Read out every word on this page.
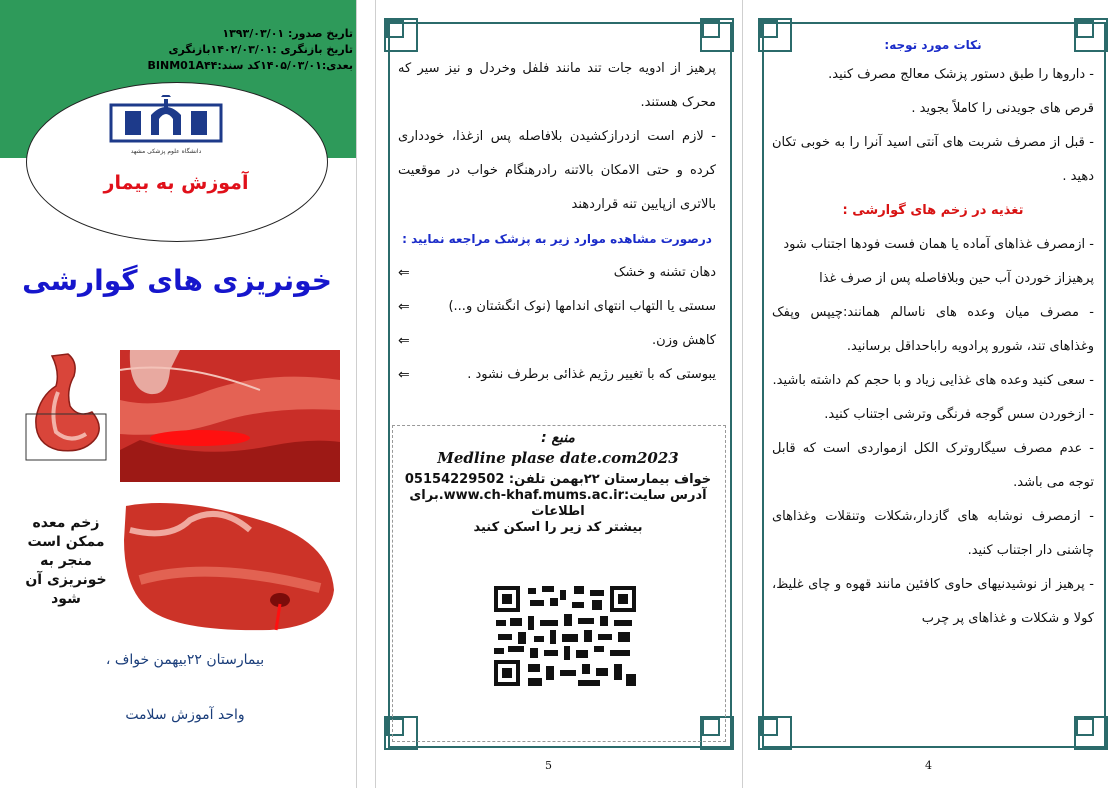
تاریخ صدور: ۱۳۹۳/۰۳/۰۱
تاریخ بازنگری :۱۴۰۲/۰۳/۰۱بازنگری
بعدی:۱۴۰۵/۰۳/۰۱کد سند:BINM01A۴۴
دانشگاه علوم پزشکی مشهد
آموزش به بیمار
خونریزی های گوارشی
زخم معده ممکن است منجر به خونریزی آن شود
بیمارستان ۲۲بیهمن خواف ،
واحد آموزش سلامت
پرهیز از ادویه جات تند مانند فلفل وخردل و نیز سیر که محرک هستند.
- لازم است ازدرازکشیدن بلافاصله پس ازغذا، خودداری کرده و حتی الامکان بالاتنه رادرهنگام خواب در موقعیت بالاتری ازپایین تنه قراردهند
درصورت مشاهده موارد زیر به پزشک مراجعه نمایید :
دهان تشنه و خشک
⇐
سستی یا التهاب انتهای اندامها (نوک انگشتان و...)
⇐
کاهش وزن.
⇐
یبوستی که با تغییر رژیم غذائی برطرف نشود .
⇐
منبع :
Medline plase date.com2023
خواف بیمارستان ۲۲بهمن تلفن: 05154229502
آدرس سایت:www.ch-khaf.mums.ac.ir.برای اطلاعات
بیشتر کد زیر را اسکن کنید
5
نکات مورد توجه:
- داروها را طبق دستور پزشک معالج مصرف کنید.
قرص های جویدنی را کاملاً بجوید .
- قبل از مصرف شربت های آنتی اسید آنرا را به خوبی تکان دهید .
تغذیه در زخم های گوارشی :
- ازمصرف غذاهای آماده یا همان فست فودها اجتناب شود
پرهیزاز خوردن آب حین وبلافاصله پس از صرف غذا
- مصرف میان وعده های ناسالم همانند:چیپس وپفک وغذاهای تند، شورو پرادویه راباحداقل برسانید.
- سعی کنید وعده های غذایی زیاد و با حجم کم داشته باشید.
- ازخوردن سس گوجه فرنگی وترشی اجتناب کنید.
- عدم مصرف سیگاروترک الکل ازمواردی است که قابل توجه می باشد.
- ازمصرف نوشابه های گازدار،شکلات وتنقلات وغذاهای چاشنی دار اجتناب کنید.
- پرهیز از نوشیدنیهای حاوی کافئین مانند قهوه و چای غلیظ، کولا و شکلات و غذاهای پر چرب
4
